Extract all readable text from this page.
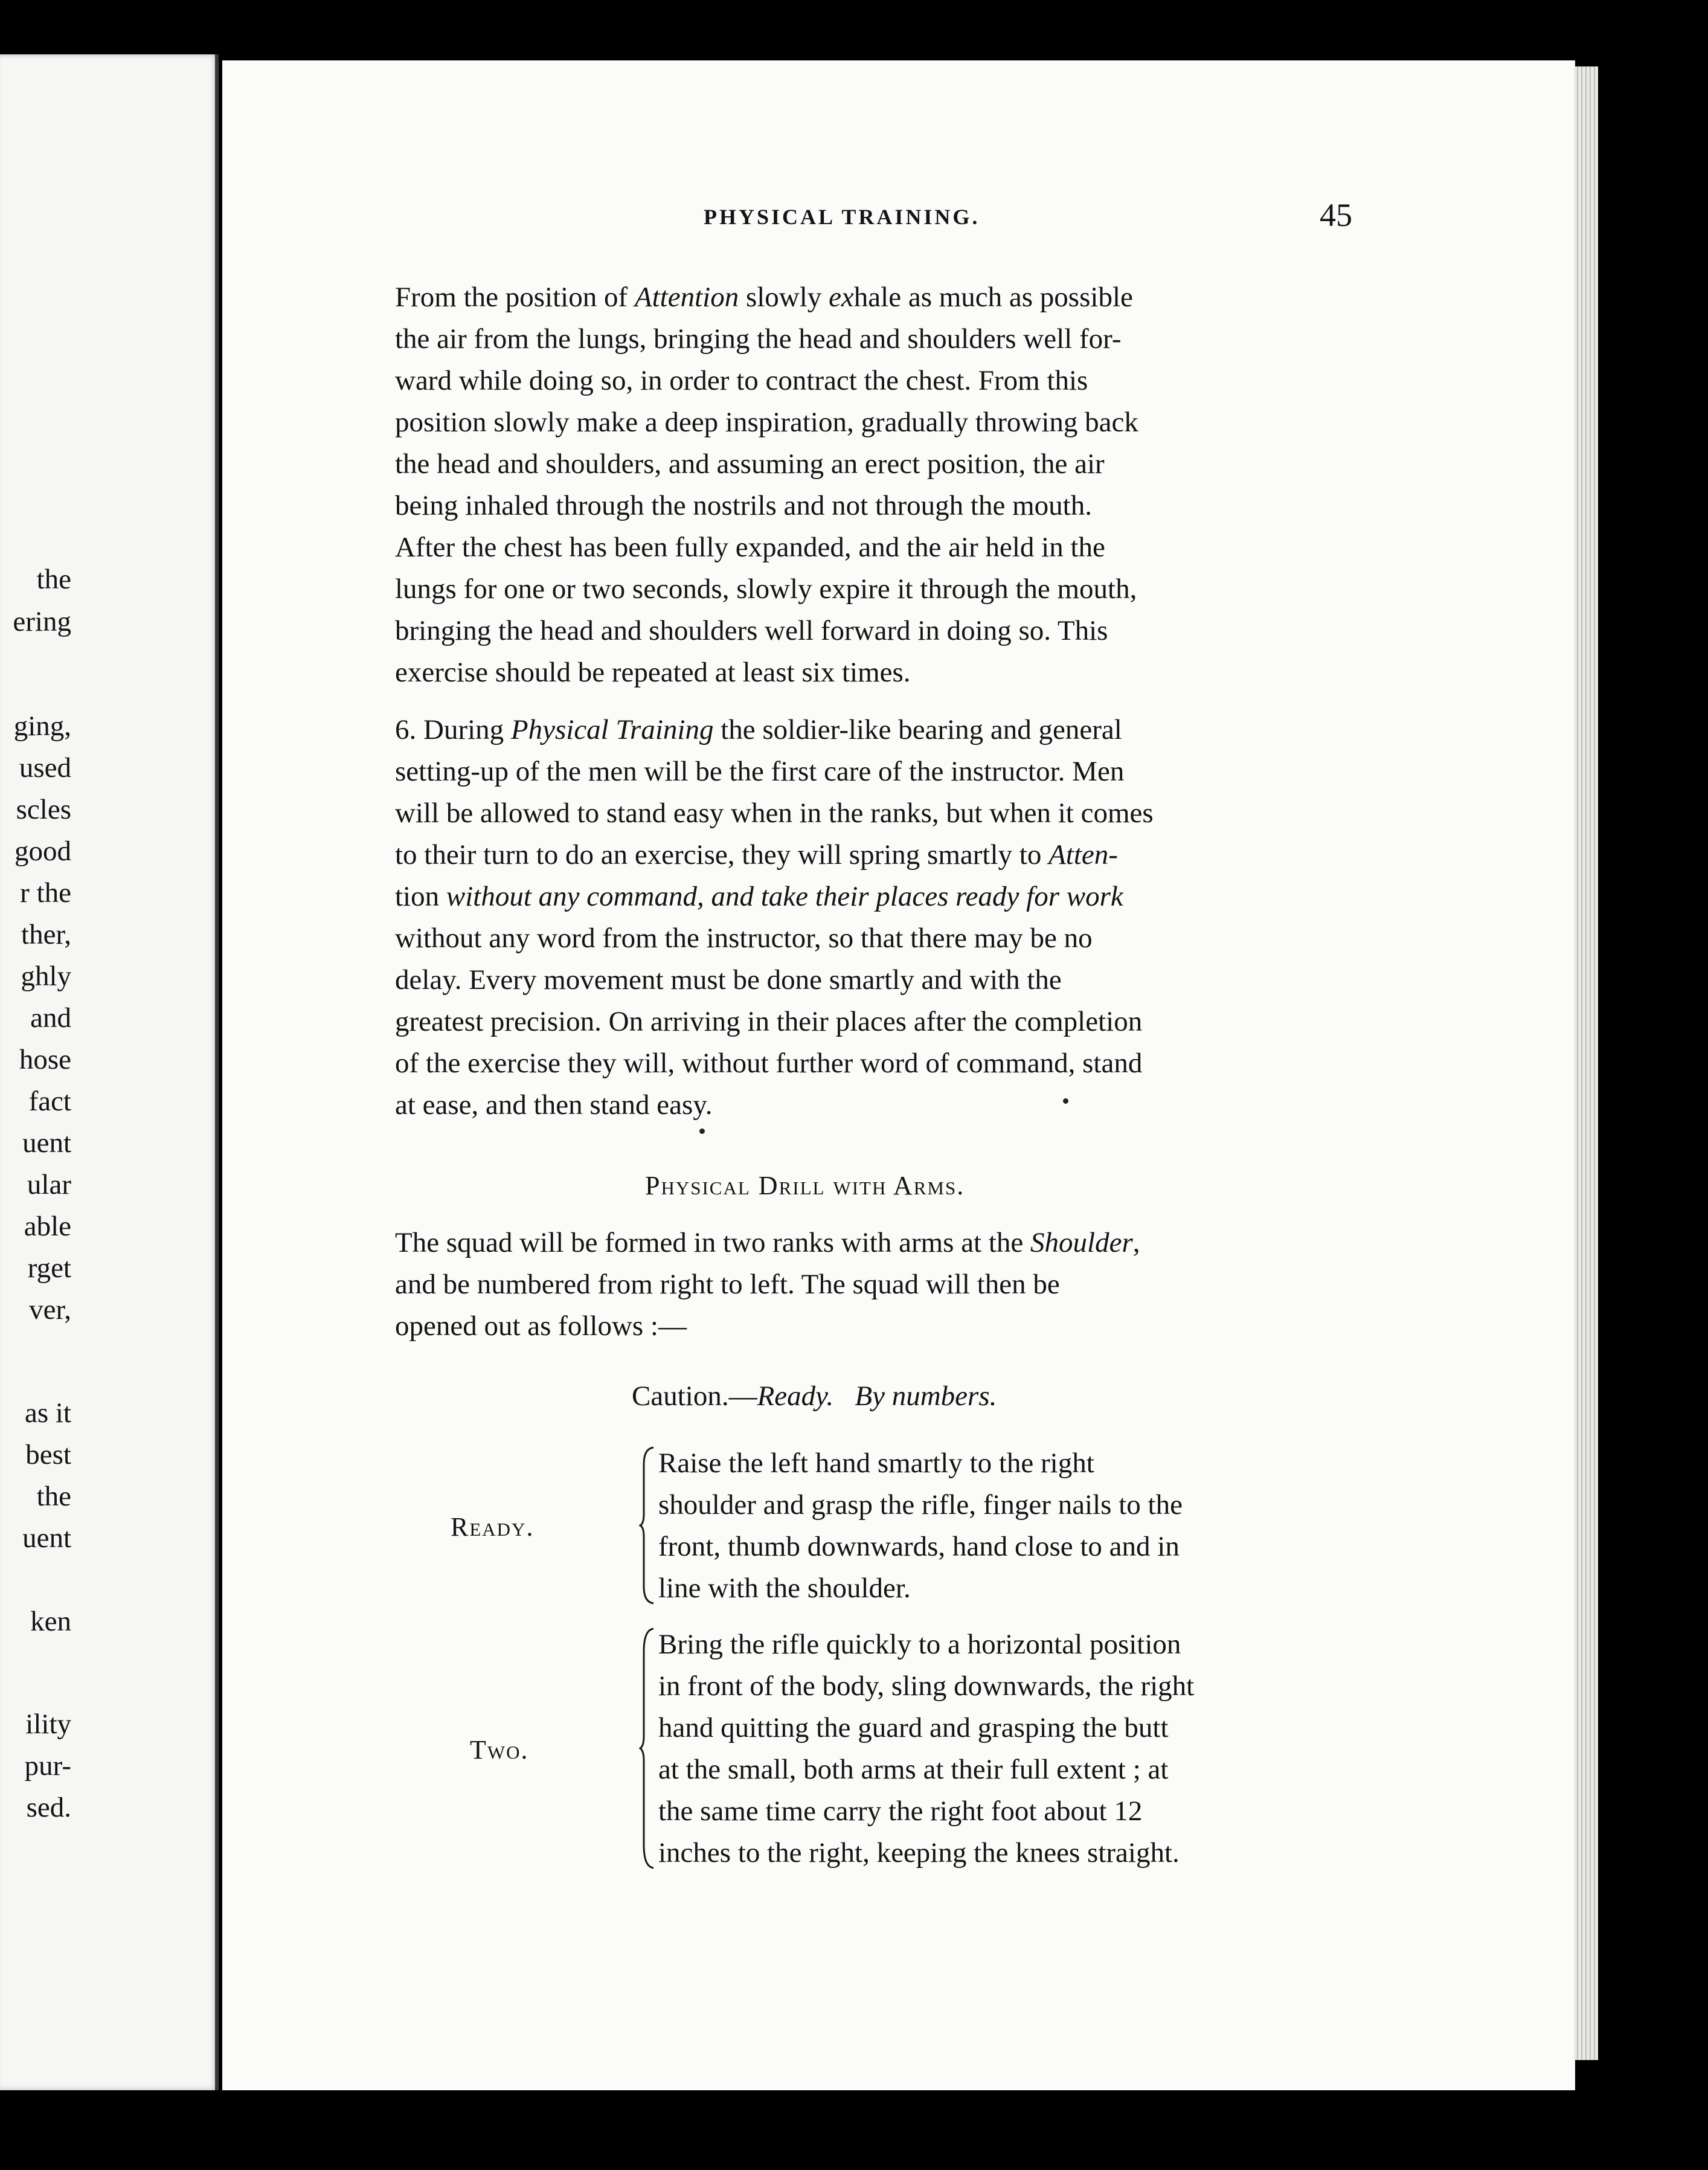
the
ering
ging,
used
scles
good
r the
ther,
ghly
and
hose
fact
uent
ular
able
rget
ver,
as it
best
the
uent
ken
ility
pur-
sed.
PHYSICAL TRAINING.	45
From the position of Attention slowly exhale as much as possible
the air from the lungs, bringing the head and shoulders well for-
ward while doing so, in order to contract the chest. From this
position slowly make a deep inspiration, gradually throwing back
the head and shoulders, and assuming an erect position, the air
being inhaled through the nostrils and not through the mouth.
After the chest has been fully expanded, and the air held in the
lungs for one or two seconds, slowly expire it through the mouth,
bringing the head and shoulders well forward in doing so. This
exercise should be repeated at least six times.
6. During Physical Training the soldier-like bearing and general
setting-up of the men will be the first care of the instructor. Men
will be allowed to stand easy when in the ranks, but when it comes
to their turn to do an exercise, they will spring smartly to Atten-
tion without any command, and take their places ready for work
without any word from the instructor, so that there may be no
delay. Every movement must be done smartly and with the
greatest precision. On arriving in their places after the completion
of the exercise they will, without further word of command, stand
at ease, and then stand easy.
Physical Drill with Arms.
The squad will be formed in two ranks with arms at the Shoulder,
and be numbered from right to left. The squad will then be
opened out as follows :—
Caution.—Ready. By numbers.
Ready.
Raise the left hand smartly to the right
shoulder and grasp the rifle, finger nails to the
front, thumb downwards, hand close to and in
line with the shoulder.
Two.
Bring the rifle quickly to a horizontal position
in front of the body, sling downwards, the right
hand quitting the guard and grasping the butt
at the small, both arms at their full extent ; at
the same time carry the right foot about 12
inches to the right, keeping the knees straight.
